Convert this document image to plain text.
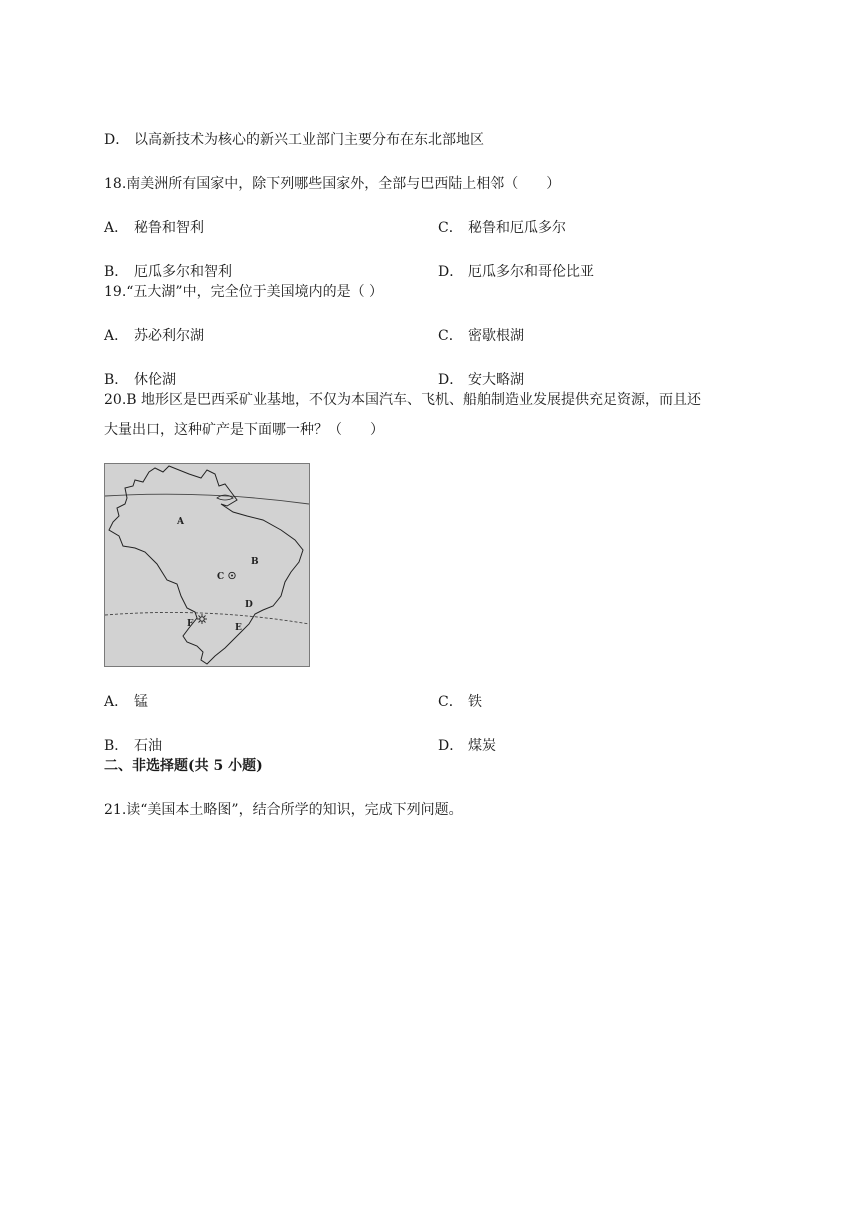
D． 以高新技术为核心的新兴工业部门主要分布在东北部地区
18.南美洲所有国家中，除下列哪些国家外，全部与巴西陆上相邻（　　）
A． 秘鲁和智利	C． 秘鲁和厄瓜多尔
B． 厄瓜多尔和智利	D． 厄瓜多尔和哥伦比亚
19.“五大湖”中，完全位于美国境内的是（ ）
A． 苏必利尔湖	C． 密歇根湖
B． 休伦湖	D． 安大略湖
20.B 地形区是巴西采矿业基地，不仅为本国汽车、飞机、船舶制造业发展提供充足资源，而且还
大量出口，这种矿产是下面哪一种？（　　）
A
B
C
D
E
F
A． 锰	C． 铁
B． 石油	D． 煤炭
二、非选择题(共 5 小题)
21.读“美国本土略图”，结合所学的知识，完成下列问题。
